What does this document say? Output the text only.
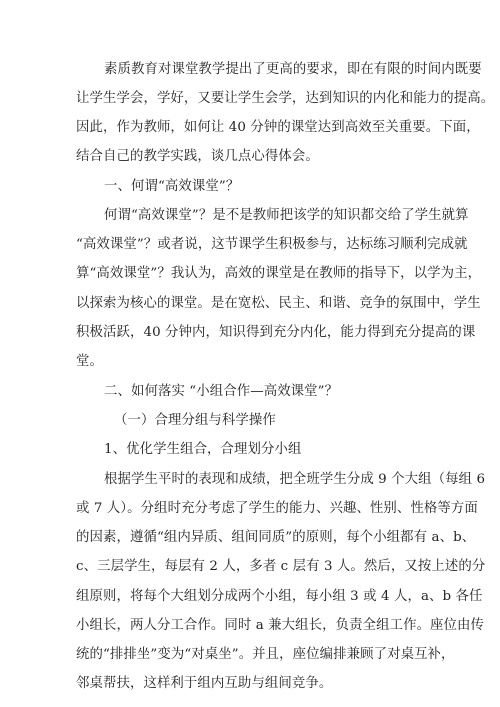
素质教育对课堂教学提出了更高的要求，即在有限的时间内既要
让学生学会，学好，又要让学生会学，达到知识的内化和能力的提高。
因此，作为教师，如何让 40 分钟的课堂达到高效至关重要。下面，
结合自己的教学实践，谈几点心得体会。
一、何谓“高效课堂”？
何谓“高效课堂”？是不是教师把该学的知识都交给了学生就算
“高效课堂”？或者说，这节课学生积极参与，达标练习顺利完成就
算“高效课堂”？我认为，高效的课堂是在教师的指导下，以学为主，
以探索为核心的课堂。是在宽松、民主、和谐、竞争的氛围中，学生
积极活跃，40 分钟内，知识得到充分内化，能力得到充分提高的课
堂。
二、如何落实 “小组合作—高效课堂”？
（一）合理分组与科学操作
1、优化学生组合，合理划分小组
根据学生平时的表现和成绩，把全班学生分成 9 个大组（每组 6
或 7 人）。分组时充分考虑了学生的能力、兴趣、性别、性格等方面
的因素，遵循“组内异质、组间同质”的原则，每个小组都有 a、b、
c、三层学生，每层有 2 人，多者 c 层有 3 人。然后，又按上述的分
组原则，将每个大组划分成两个小组，每小组 3 或 4 人，a、b 各任
小组长，两人分工合作。同时 a 兼大组长，负责全组工作。座位由传
统的“排排坐”变为“对桌坐”。并且，座位编排兼顾了对桌互补，
邻桌帮扶，这样利于组内互助与组间竞争。
